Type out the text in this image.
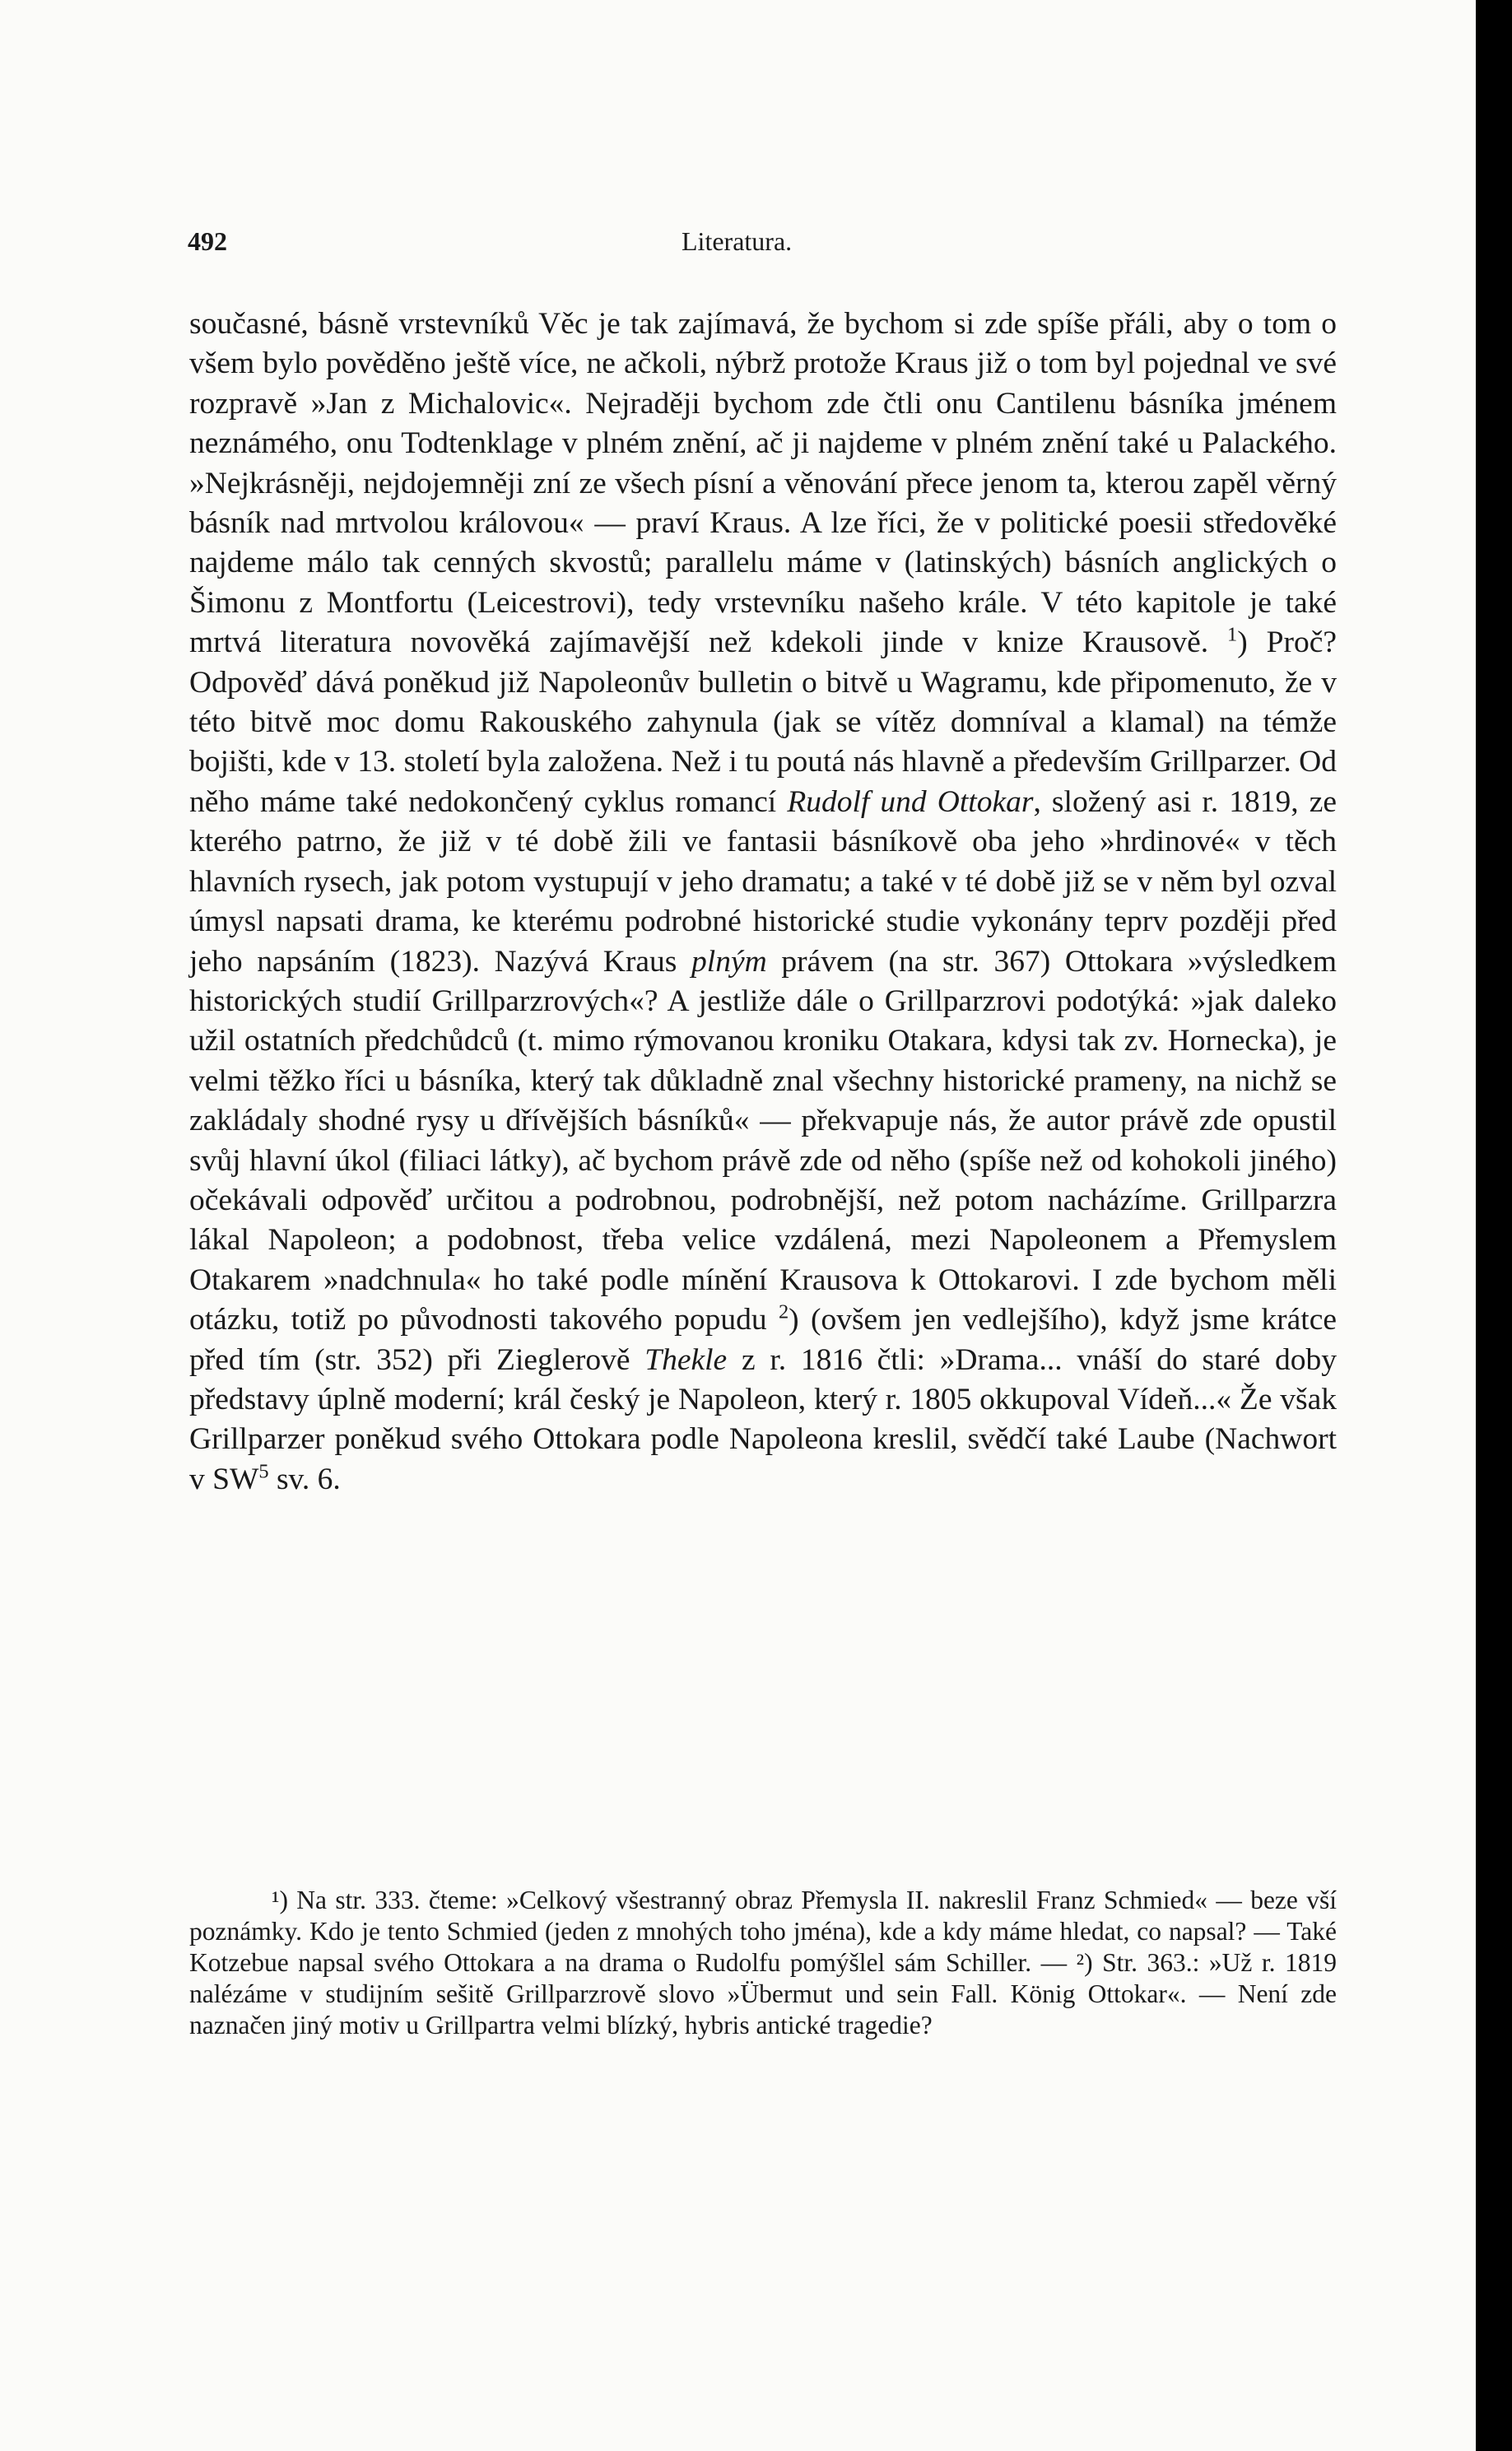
492	Literatura.

současné, básně vrstevníků Věc je tak zajímavá, že bychom si zde spíše přáli, aby o tom o všem bylo pověděno ještě více, ne ačkoli, nýbrž protože Kraus již o tom byl pojednal ve své rozpravě »Jan z Michalovic«. Nejraději bychom zde čtli onu Cantilenu básníka jménem neznámého, onu Todtenklage v plném znění, ač ji najdeme v plném znění také u Palackého. »Nejkrásněji, nejdojemněji zní ze všech písní a věnování přece jenom ta, kterou zapěl věrný básník nad mrtvolou královou« — praví Kraus. A lze říci, že v politické poesii středověké najdeme málo tak cenných skvostů; parallelu máme v (latinských) básních anglických o Šimonu z Montfortu (Leicestrovi), tedy vrstevníku našeho krále. V této kapitole je také mrtvá literatura novověká zajímavější než kdekoli jinde v knize Krausově. $^1$) Proč? Odpověď dává poněkud již Napoleonův bulletin o bitvě u Wagramu, kde připomenuto, že v této bitvě moc domu Rakouského zahynula (jak se vítěz domníval a klamal) na témže bojišti, kde v 13. století byla založena. Než i tu poutá nás hlavně a především Grillparzer. Od něho máme také nedokončený cyklus romancí Rudolf und Ottokar, složený asi r. 1819, ze kterého patrno, že již v té době žili ve fantasii básníkově oba jeho »hrdinové« v těch hlavních rysech, jak potom vystupují v jeho dramatu; a také v té době již se v něm byl ozval úmysl napsati drama, ke kterému podrobné historické studie vykonány teprv později před jeho napsáním (1823). Nazývá Kraus plným právem (na str. 367) Ottokara »výsledkem historických studií Grillparzrových«? A jestliže dále o Grillparzrovi podotýká: »jak daleko užil ostatních předchůdců (t. mimo rýmovanou kroniku Otakara, kdysi tak zv. Hornecka), je velmi těžko říci u básníka, který tak důkladně znal všechny historické prameny, na nichž se zakládaly shodné rysy u dřívějších básníků« — překvapuje nás, že autor právě zde opustil svůj hlavní úkol (filiaci látky), ač bychom právě zde od něho (spíše než od kohokoli jiného) očekávali odpověď určitou a podrobnou, podrobnější, než potom nacházíme. Grillparzra lákal Napoleon; a podobnost, třeba velice vzdálená, mezi Napoleonem a Přemyslem Otakarem »nadchnula« ho také podle mínění Krausova k Ottokarovi. I zde bychom měli otázku, totiž po původnosti takového popudu $^2$) (ovšem jen vedlejšího), když jsme krátce před tím (str. 352) při Zieglerově Thekle z r. 1816 čtli: »Drama... vnáší do staré doby představy úplně moderní; král český je Napoleon, který r. 1805 okkupoval Vídeň...« Že však Grillparzer poněkud svého Ottokara podle Napoleona kreslil, svědčí také Laube (Nachwort v SW$^5$ sv. 6.

¹) Na str. 333. čteme: »Celkový všestranný obraz Přemysla II. nakreslil Franz Schmied« — beze vší poznámky. Kdo je tento Schmied (jeden z mnohých toho jména), kde a kdy máme hledat, co napsal? — Také Kotzebue napsal svého Ottokara a na drama o Rudolfu pomýšlel sám Schiller. — ²) Str. 363.: »Už r. 1819 nalézáme v studijním sešitě Grillparzrově slovo »Übermut und sein Fall. König Ottokar«. — Není zde naznačen jiný motiv u Grillpartra velmi blízký, hybris antické tragedie?
